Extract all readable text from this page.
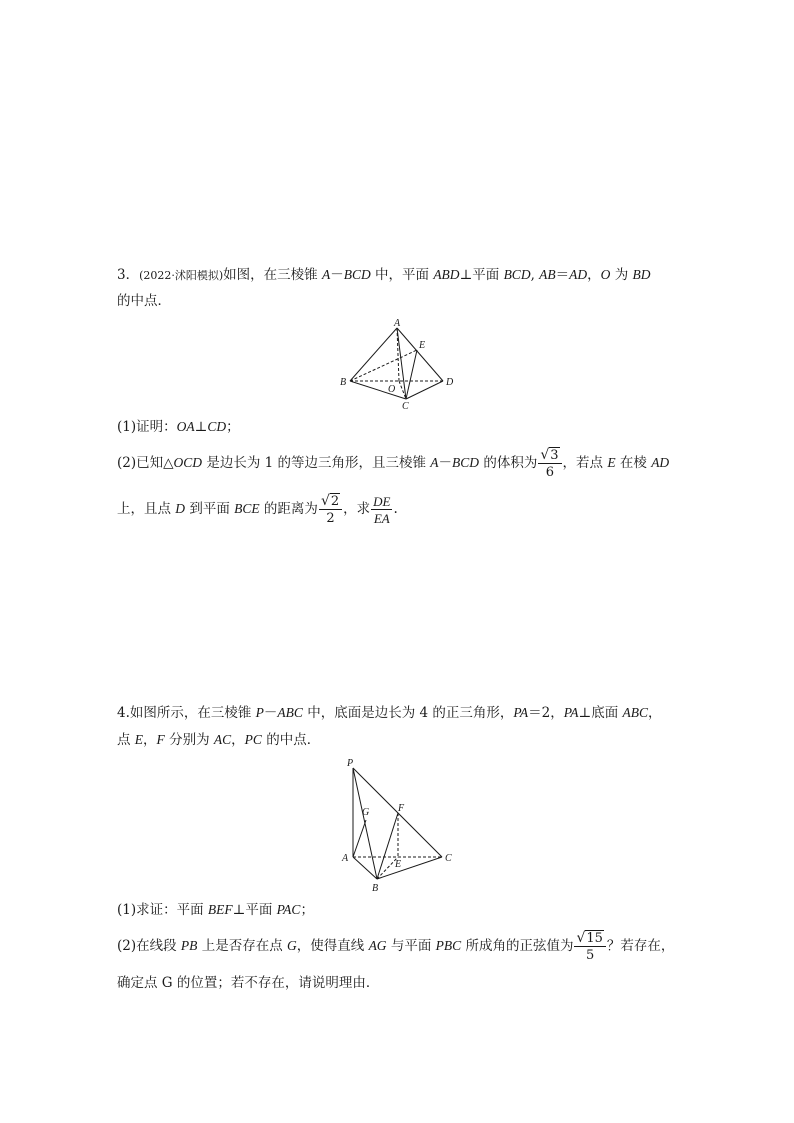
3．(2022·沭阳模拟)如图，在三棱锥 A－BCD 中，平面 ABD⊥平面 BCD, AB＝AD，O 为 BD
的中点．
A
E
B
O
D
C
(1)证明：OA⊥CD；
(2)已知△OCD 是边长为 1 的等边三角形，且三棱锥 A－BCD 的体积为 $\frac{√3}{6}$ ，若点 E 在棱 AD
上，且点 D 到平面 BCE 的距离为 $\frac{√2}{2}$ ，求 $\frac{DE}{EA}$ .
4.如图所示，在三棱锥 P－ABC 中，底面是边长为 4 的正三角形，PA＝2，PA⊥底面 ABC，
点 E，F 分别为 AC，PC 的中点．
P
G	F
A
E
C
B
(1)求证：平面 BEF⊥平面 PAC；
(2)在线段 PB 上是否存在点 G，使得直线 AG 与平面 PBC 所成角的正弦值为 $\frac{√15}{5}$ ？若存在，
确定点 G 的位置；若不存在，请说明理由．
